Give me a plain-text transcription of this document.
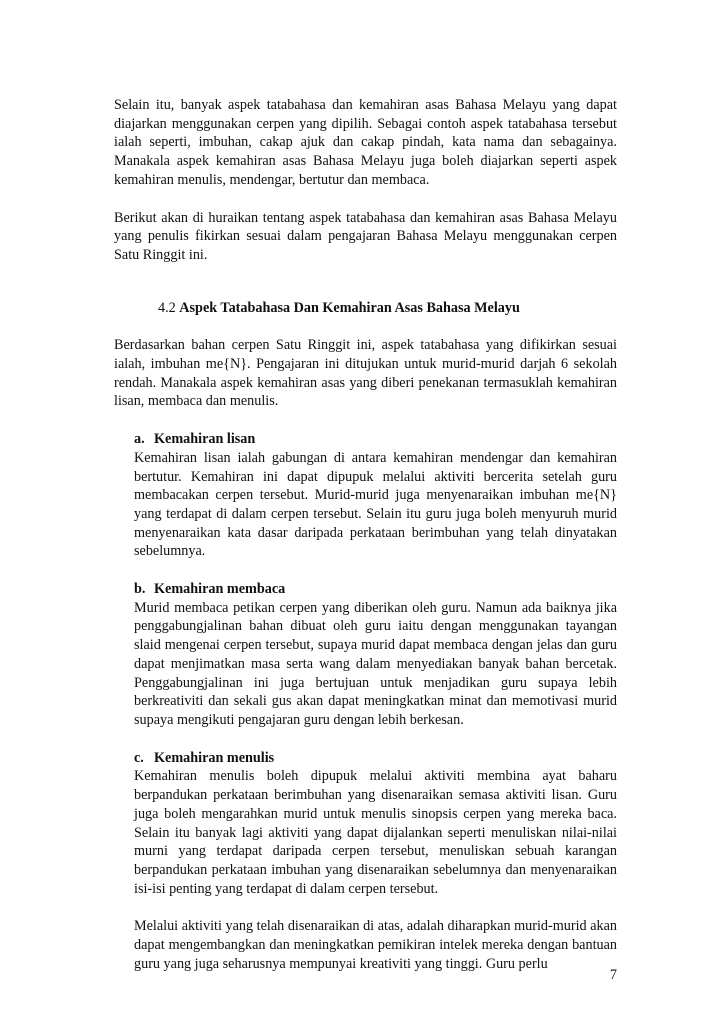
Selain itu, banyak aspek tatabahasa dan kemahiran asas Bahasa Melayu yang dapat diajarkan menggunakan cerpen yang dipilih. Sebagai contoh aspek tatabahasa tersebut ialah seperti, imbuhan, cakap ajuk dan cakap pindah, kata nama dan sebagainya. Manakala aspek kemahiran asas Bahasa Melayu juga boleh diajarkan seperti aspek kemahiran menulis, mendengar, bertutur dan membaca.

Berikut akan di huraikan tentang aspek tatabahasa dan kemahiran asas Bahasa Melayu yang penulis fikirkan sesuai dalam pengajaran Bahasa Melayu menggunakan cerpen Satu Ringgit ini.

4.2 Aspek Tatabahasa Dan Kemahiran Asas Bahasa Melayu

Berdasarkan bahan cerpen Satu Ringgit ini, aspek tatabahasa yang difikirkan sesuai ialah, imbuhan me{N}. Pengajaran ini ditujukan untuk murid-murid darjah 6 sekolah rendah. Manakala aspek kemahiran asas yang diberi penekanan termasuklah kemahiran lisan, membaca dan menulis.

a. Kemahiran lisan

Kemahiran lisan ialah gabungan di antara kemahiran mendengar dan kemahiran bertutur. Kemahiran ini dapat dipupuk melalui aktiviti bercerita setelah guru membacakan cerpen tersebut. Murid-murid juga menyenaraikan imbuhan me{N} yang terdapat di dalam cerpen tersebut. Selain itu guru juga boleh menyuruh murid menyenaraikan kata dasar daripada perkataan berimbuhan yang telah dinyatakan sebelumnya.

b. Kemahiran membaca

Murid membaca petikan cerpen yang diberikan oleh guru. Namun ada baiknya jika penggabungjalinan bahan dibuat oleh guru iaitu dengan menggunakan tayangan slaid mengenai cerpen tersebut, supaya murid dapat membaca dengan jelas dan guru dapat menjimatkan masa serta wang dalam menyediakan banyak bahan bercetak. Penggabungjalinan ini juga bertujuan untuk menjadikan guru supaya lebih berkreativiti dan sekali gus akan dapat meningkatkan minat dan memotivasi murid supaya mengikuti pengajaran guru dengan lebih berkesan.

c. Kemahiran menulis

Kemahiran menulis boleh dipupuk melalui aktiviti membina ayat baharu berpandukan perkataan berimbuhan yang disenaraikan semasa aktiviti lisan. Guru juga boleh mengarahkan murid untuk menulis sinopsis cerpen yang mereka baca. Selain itu banyak lagi aktiviti yang dapat dijalankan seperti menuliskan nilai-nilai murni yang terdapat daripada cerpen tersebut, menuliskan sebuah karangan berpandukan perkataan imbuhan yang disenaraikan sebelumnya dan menyenaraikan isi-isi penting yang terdapat di dalam cerpen tersebut.

Melalui aktiviti yang telah disenaraikan di atas, adalah diharapkan murid-murid akan dapat mengembangkan dan meningkatkan pemikiran intelek mereka dengan bantuan guru yang juga seharusnya mempunyai kreativiti yang tinggi. Guru perlu

7
